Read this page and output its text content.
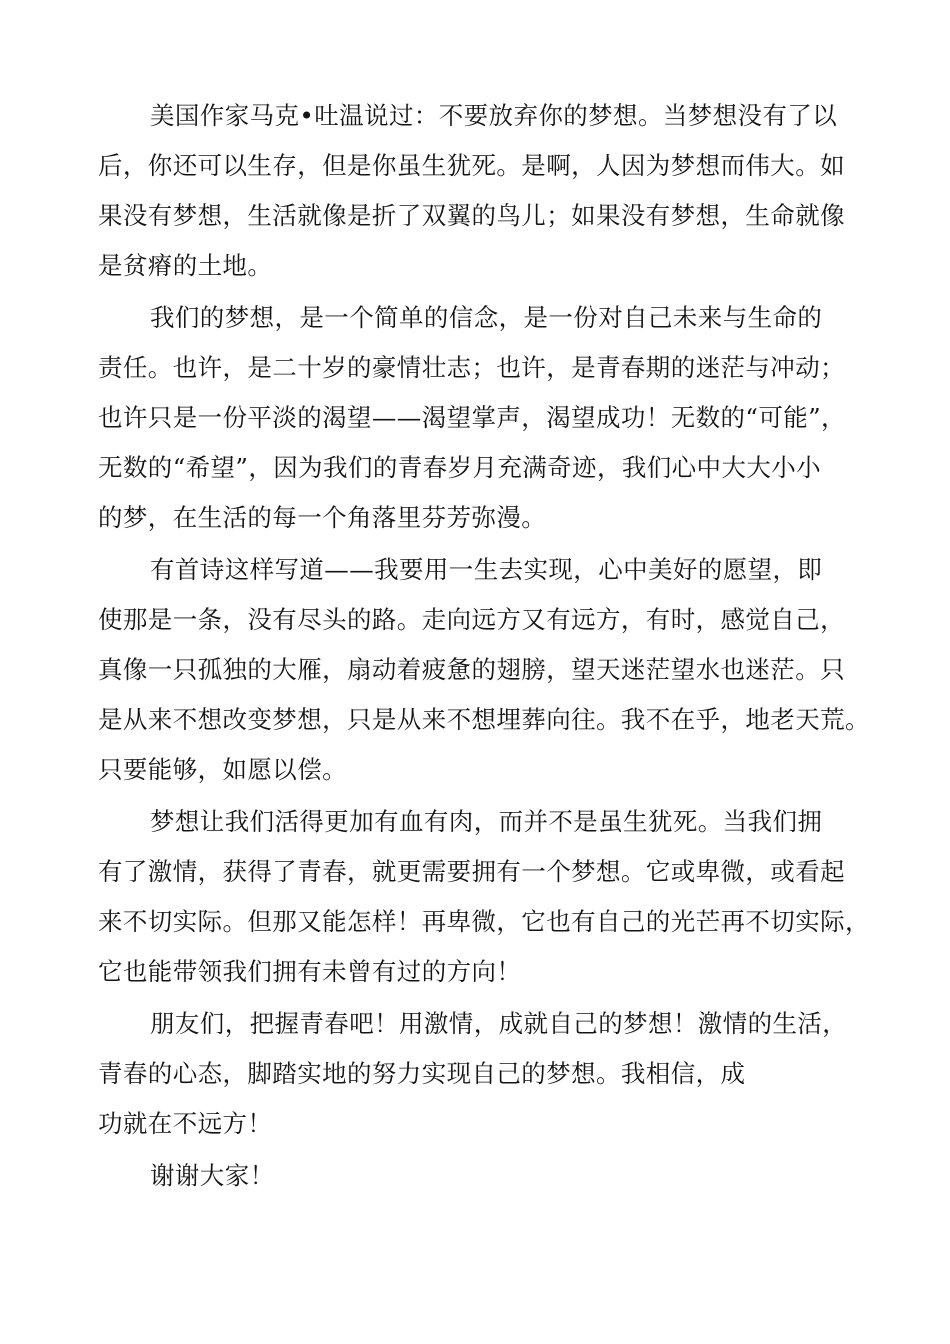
美国作家马克•吐温说过：不要放弃你的梦想。当梦想没有了以
后，你还可以生存，但是你虽生犹死。是啊，人因为梦想而伟大。如
果没有梦想，生活就像是折了双翼的鸟儿；如果没有梦想，生命就像
是贫瘠的土地。
我们的梦想，是一个简单的信念，是一份对自己未来与生命的
责任。也许，是二十岁的豪情壮志；也许，是青春期的迷茫与冲动；
也许只是一份平淡的渴望——渴望掌声，渴望成功！无数的“可能”，
无数的“希望”，因为我们的青春岁月充满奇迹，我们心中大大小小
的梦，在生活的每一个角落里芬芳弥漫。
有首诗这样写道——我要用一生去实现，心中美好的愿望，即
使那是一条，没有尽头的路。走向远方又有远方，有时，感觉自己，
真像一只孤独的大雁，扇动着疲惫的翅膀，望天迷茫望水也迷茫。只
是从来不想改变梦想，只是从来不想埋葬向往。我不在乎，地老天荒。
只要能够，如愿以偿。
梦想让我们活得更加有血有肉，而并不是虽生犹死。当我们拥
有了激情，获得了青春，就更需要拥有一个梦想。它或卑微，或看起
来不切实际。但那又能怎样！再卑微，它也有自己的光芒再不切实际，
它也能带领我们拥有未曾有过的方向！
朋友们，把握青春吧！用激情，成就自己的梦想！激情的生活，
青春的心态，脚踏实地的努力实现自己的梦想。我相信，成
功就在不远方！
谢谢大家！
